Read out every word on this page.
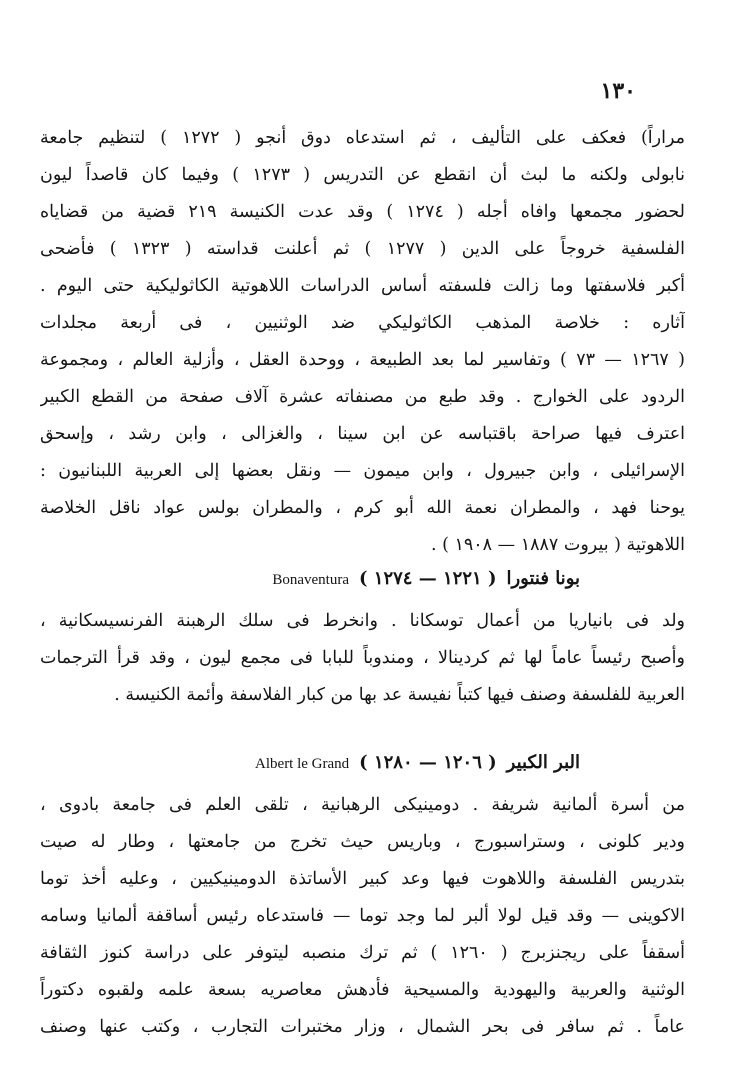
١٣٠
مراراً) فعكف على التأليف ، ثم استدعاه دوق أنجو ( ١٢٧٢ ) لتنظيم جامعة
نابولى ولكنه ما لبث أن انقطع عن التدريس ( ١٢٧٣ ) وفيما كان قاصداً ليون
لحضور مجمعها وافاه أجله ( ١٢٧٤ ) وقد عدت الكنيسة ٢١٩ قضية من قضاياه
الفلسفية خروجاً على الدين ( ١٢٧٧ ) ثم أعلنت قداسته ( ١٣٢٣ ) فأضحى
أكبر فلاسفتها وما زالت فلسفته أساس الدراسات اللاهوتية الكاثوليكية حتى اليوم .
آثاره : خلاصة المذهب الكاثوليكي ضد الوثنيين ، فى أربعة مجلدات
( ١٢٦٧ — ٧٣ ) وتفاسير لما بعد الطبيعة ، ووحدة العقل ، وأزلية العالم ، ومجموعة
الردود على الخوارج . وقد طبع من مصنفاته عشرة آلاف صفحة من القطع الكبير
اعترف فيها صراحة باقتباسه عن ابن سينا ، والغزالى ، وابن رشد ، وإسحق
الإسرائيلى ، وابن جبيرول ، وابن ميمون — ونقل بعضها إلى العربية اللبنانيون :
يوحنا فهد ، والمطران نعمة الله أبو كرم ، والمطران بولس عواد ناقل الخلاصة
اللاهوتية ( بيروت ١٨٨٧ — ١٩٠٨ ) .
بونا فنتورا
( ١٢٢١ — ١٢٧٤ )
Bonaventura
ولد فى بانياريا من أعمال توسكانا . وانخرط فى سلك الرهبنة الفرنسيسكانية ،
وأصبح رئيساً عاماً لها ثم كردينالا ، ومندوباً للبابا فى مجمع ليون ، وقد قرأ الترجمات
العربية للفلسفة وصنف فيها كتباً نفيسة عد بها من كبار الفلاسفة وأئمة الكنيسة .
البر الكبير
( ١٢٠٦ — ١٢٨٠ )
Albert le Grand
من أسرة ألمانية شريفة . دومينيكى الرهبانية ، تلقى العلم فى جامعة بادوى ،
ودير كلونى ، وستراسبورج ، وباريس حيث تخرج من جامعتها ، وطار له صيت
بتدريس الفلسفة واللاهوت فيها وعد كبير الأساتذة الدومينيكيين ، وعليه أخذ توما
الاكوينى — وقد قيل لولا ألبر لما وجد توما — فاستدعاه رئيس أساقفة ألمانيا وسامه
أسقفاً على ريجنزبرج ( ١٢٦٠ ) ثم ترك منصبه ليتوفر على دراسة كنوز الثقافة
الوثنية والعربية واليهودية والمسيحية فأدهش معاصريه بسعة علمه ولقبوه دكتوراً
عاماً . ثم سافر فى بحر الشمال ، وزار مختبرات التجارب ، وكتب عنها وصنف
